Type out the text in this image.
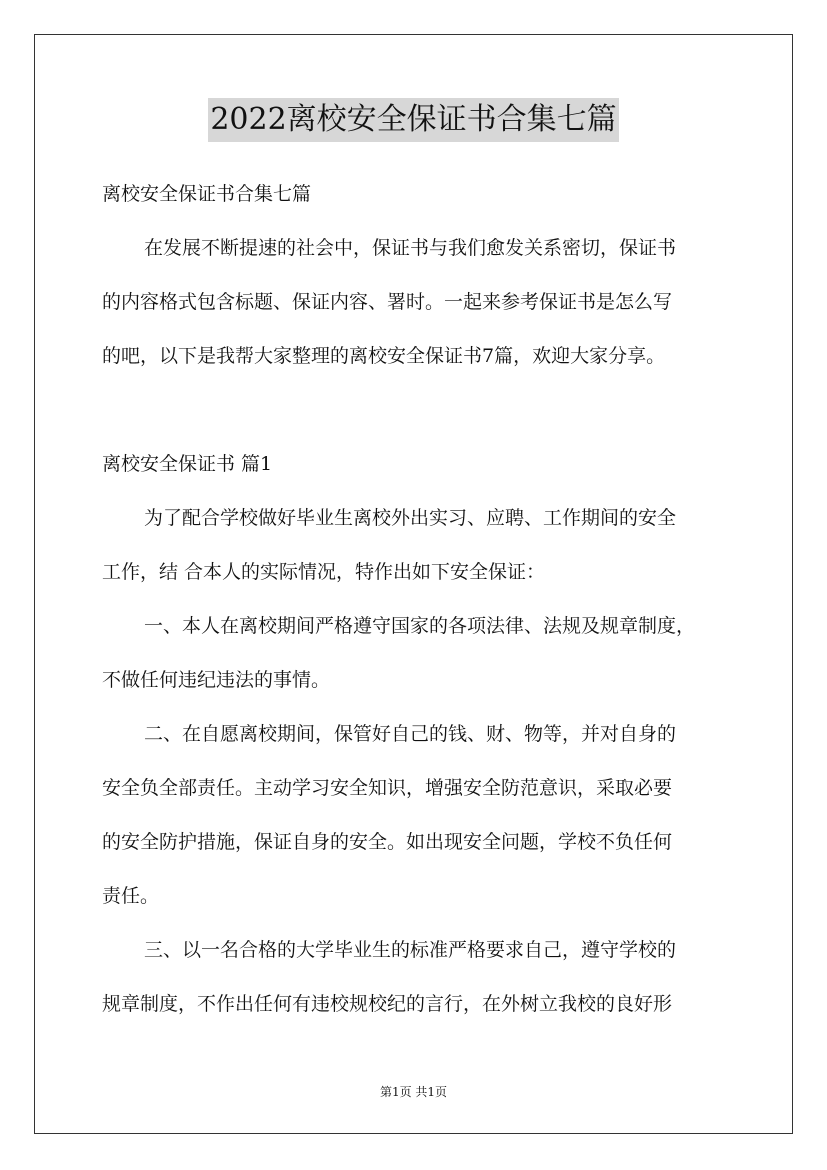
2022离校安全保证书合集七篇
离校安全保证书合集七篇
在发展不断提速的社会中，保证书与我们愈发关系密切，保证书
的内容格式包含标题、保证内容、署时。一起来参考保证书是怎么写
的吧，以下是我帮大家整理的离校安全保证书7篇，欢迎大家分享。
离校安全保证书 篇1
为了配合学校做好毕业生离校外出实习、应聘、工作期间的安全
工作，结 合本人的实际情况，特作出如下安全保证：
一、本人在离校期间严格遵守国家的各项法律、法规及规章制度，
不做任何违纪违法的事情。
二、在自愿离校期间，保管好自己的钱、财、物等，并对自身的
安全负全部责任。主动学习安全知识，增强安全防范意识，采取必要
的安全防护措施，保证自身的安全。如出现安全问题，学校不负任何
责任。
三、以一名合格的大学毕业生的标准严格要求自己，遵守学校的
规章制度，不作出任何有违校规校纪的言行，在外树立我校的良好形
第1页 共1页
